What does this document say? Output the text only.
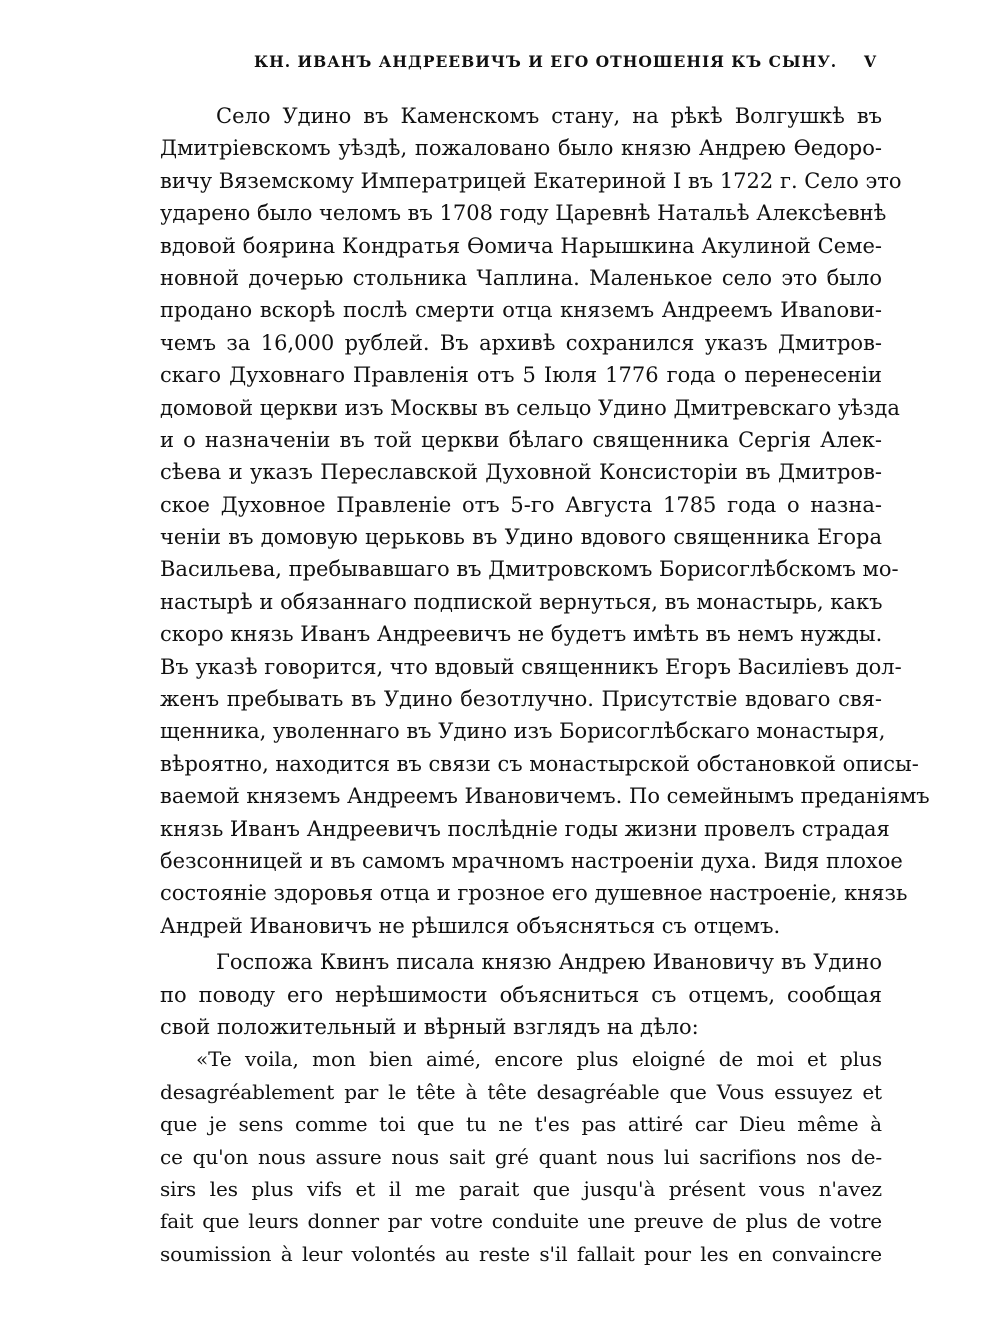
КН. ИВАНЪ АНДРЕЕВИЧЪ И ЕГО ОТНОШЕНІЯ КЪ СЫНУ. V
Село Удино въ Каменскомъ стану, на рѣкѣ Волгушкѣ въ
Дмитріевскомъ уѣздѣ, пожаловано было князю Андрею Ѳедоро-
вичу Вяземскому Императрицей Екатериной I въ 1722 г. Село это
ударено было челомъ въ 1708 году Царевнѣ Натальѣ Алексѣевнѣ
вдовой боярина Кондратья Ѳомича Нарышкина Акулиной Семе-
новной дочерью стольника Чаплина. Маленькое село это было
продано вскорѣ послѣ смерти отца княземъ Андреемъ Ивanови-
чемъ за 16,000 рублей. Въ архивѣ сохранился указъ Дмитров-
скаго Духовнаго Правленія отъ 5 Іюля 1776 года о перенесеніи
домовой церкви изъ Москвы въ сельцо Удино Дмитревскаго уѣзда
и о назначеніи въ той церкви бѣлаго священника Сергія Алек-
сѣева и указъ Переславской Духовной Консисторіи въ Дмитров-
ское Духовное Правленіе отъ 5-го Августа 1785 года о назна-
ченіи въ домовую церьковь въ Удино вдового священника Егора
Васильева, пребывавшаго въ Дмитровскомъ Борисоглѣбскомъ мо-
настырѣ и обязаннаго подпиской вернуться, въ монастырь, какъ
скоро князь Иванъ Андреевичъ не будетъ имѣть въ немъ нужды.
Въ указѣ говорится, что вдовый священникъ Егоръ Василіевъ дол-
женъ пребывать въ Удино безотлучно. Присутствіе вдоваго свя-
щенника, уволеннаго въ Удино изъ Борисоглѣбскаго монастыря,
вѣроятно, находится въ связи съ монастырской обстановкой описы-
ваемой княземъ Андреемъ Ивановичемъ. По семейнымъ преданіямъ
князь Иванъ Андреевичъ послѣдніе годы жизни провелъ страдая
безсонницей и въ самомъ мрачномъ настроеніи духа. Видя плохое
состояніе здоровья отца и грозное его душевное настроеніе, князь
Андрей Ивановичъ не рѣшился объясняться съ отцемъ.
Госпожа Квинъ писала князю Андрею Ивановичу въ Удино
по поводу его нерѣшимости объясниться съ отцемъ, сообщая
свой положительный и вѣрный взглядъ на дѣло:
«Te voila, mon bien aimé, encore plus eloigné de moi et plus
desagréablement par le tête à tête desagréable que Vous essuyez et
que je sens comme toi que tu ne t'es pas attiré car Dieu même à
ce qu'on nous assure nous sait gré quant nous lui sacrifions nos de-
sirs les plus vifs et il me parait que jusqu'à présent vous n'avez
fait que leurs donner par votre conduite une preuve de plus de votre
soumission à leur volontés au reste s'il fallait pour les en convaincre
